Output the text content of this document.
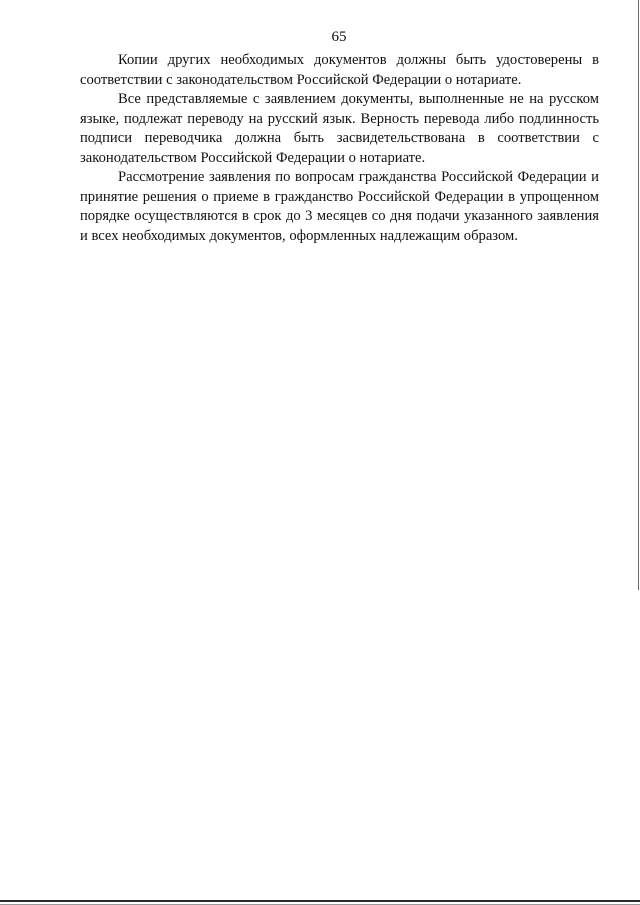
65

Копии других необходимых документов должны быть удостоверены в соответствии с законодательством Российской Федерации о нотариате.

Все представляемые с заявлением документы, выполненные не на русском языке, подлежат переводу на русский язык. Верность перевода либо подлинность подписи переводчика должна быть засвидетельствована в соответствии с законодательством Российской Федерации о нотариате.

Рассмотрение заявления по вопросам гражданства Российской Федерации и принятие решения о приеме в гражданство Российской Федерации в упрощенном порядке осуществляются в срок до 3 месяцев со дня подачи указанного заявления и всех необходимых документов, оформленных надлежащим образом.
